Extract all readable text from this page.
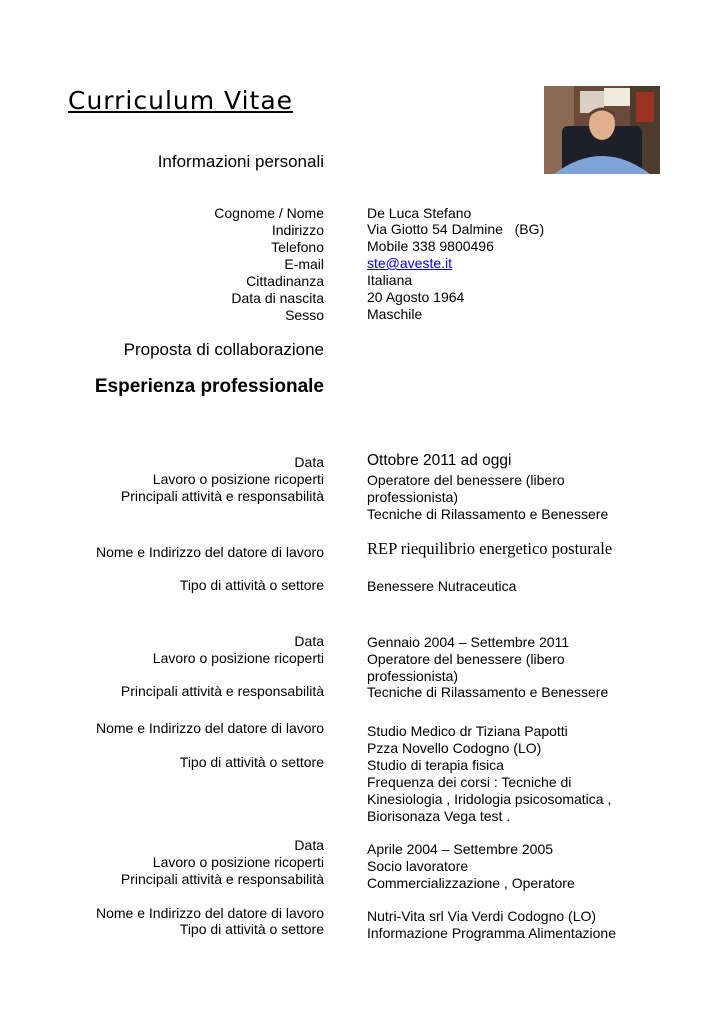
Curriculum Vitae
Informazioni personali
Cognome / Nome
Indirizzo
Telefono
E-mail
Cittadinanza
Data di nascita
Sesso
De Luca Stefano
Via Giotto 54 Dalmine   (BG)
Mobile 338 9800496
ste@aveste.it
Italiana
20 Agosto 1964
Maschile
Proposta di collaborazione
Esperienza professionale
Data
Lavoro o posizione ricoperti
Principali attività e responsabilità
Nome e Indirizzo del datore di lavoro
Tipo di attività o settore
Ottobre 2011 ad oggi
Operatore del benessere (libero
professionista)
Tecniche di Rilassamento e Benessere
REP riequilibrio energetico posturale
Benessere Nutraceutica
Data
Lavoro o posizione ricoperti
Principali attività e responsabilità
Nome e Indirizzo del datore di lavoro
Tipo di attività o settore
Gennaio 2004 – Settembre 2011
Operatore del benessere (libero
professionista)
Tecniche di Rilassamento e Benessere
Studio Medico dr Tiziana Papotti
Pzza Novello Codogno (LO)
Studio di terapia fisica
Frequenza dei corsi : Tecniche di
Kinesiologia , Iridologia psicosomatica ,
Biorisonaza Vega test .
Data
Lavoro o posizione ricoperti
Principali attività e responsabilità
Nome e Indirizzo del datore di lavoro
Tipo di attività o settore
Aprile 2004 – Settembre 2005
Socio lavoratore
Commercializzazione , Operatore
Nutri-Vita srl Via Verdi Codogno (LO)
Informazione Programma Alimentazione
